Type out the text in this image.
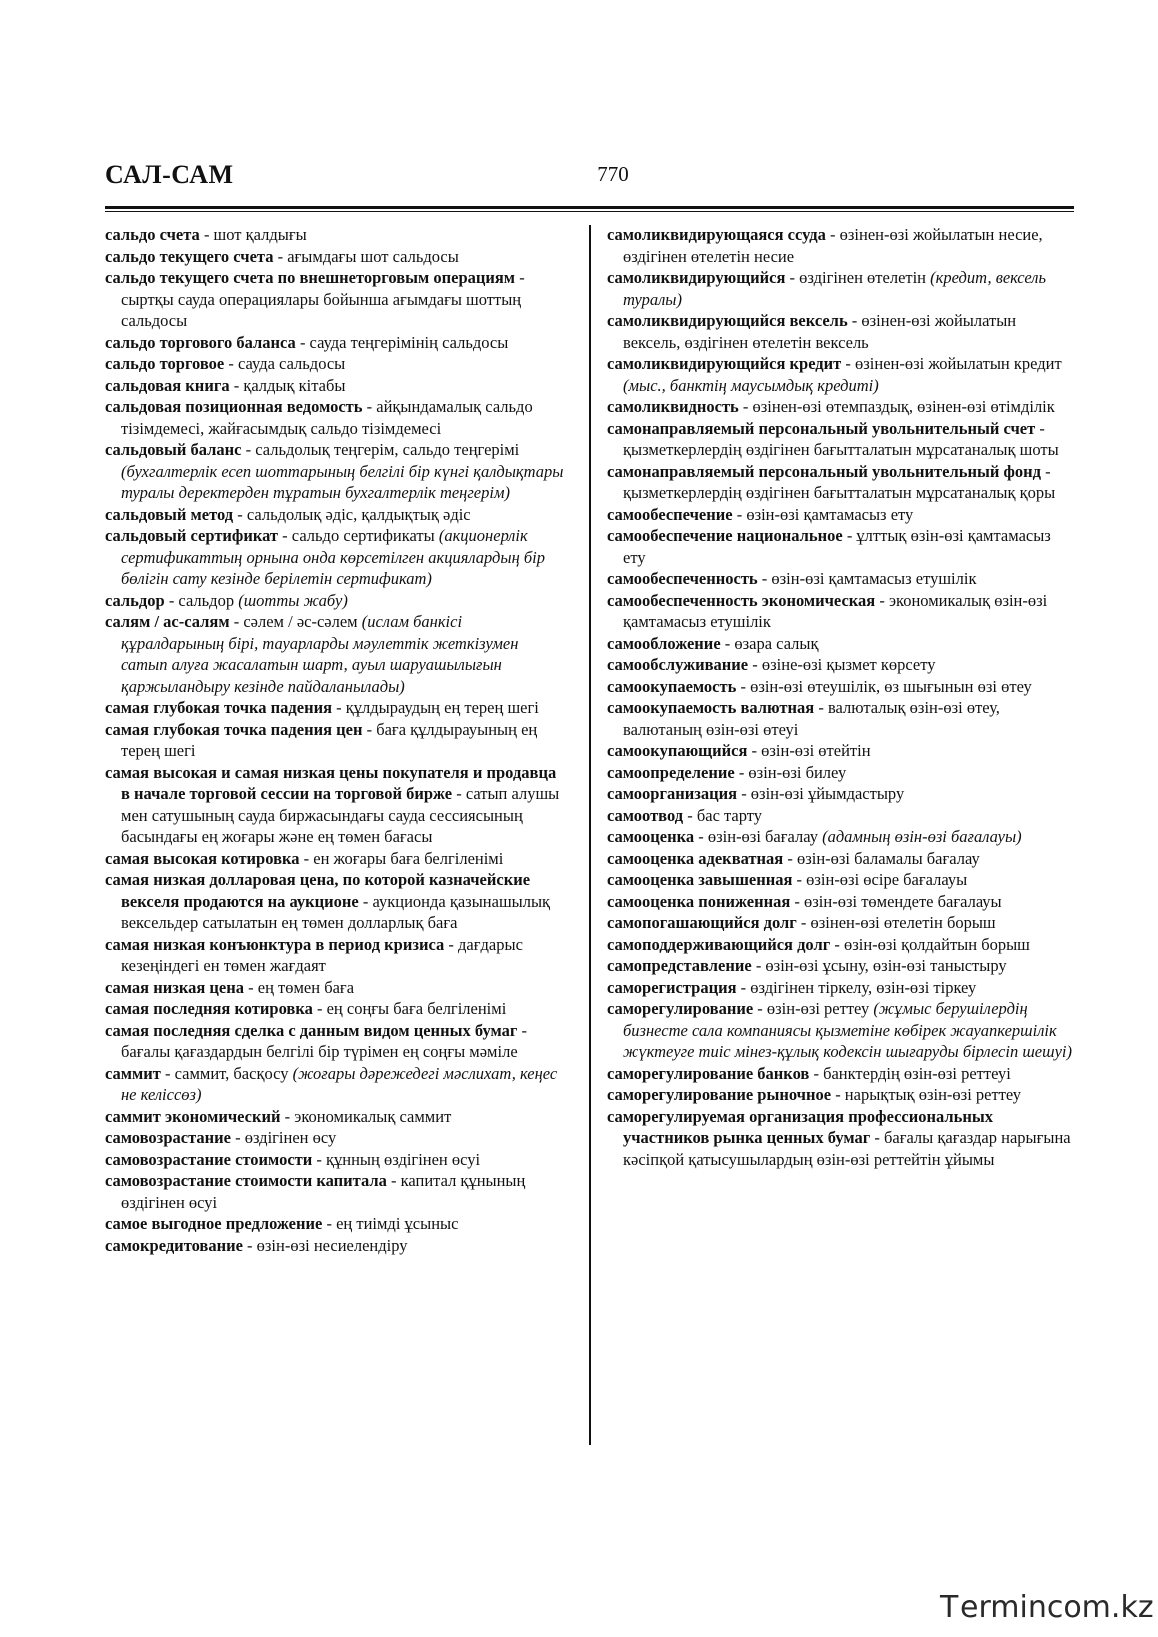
САЛ-САМ	770

сальдо счета - шот қалдығы

сальдо текущего счета - ағымдағы шот сальдосы

сальдо текущего счета по внешнеторговым операциям - сыртқы сауда операциялары бойынша ағымдағы шоттың сальдосы

сальдо торгового баланса - сауда теңгерімінің сальдосы

сальдо торговое - сауда сальдосы

сальдовая книга - қалдық кітабы

сальдовая позиционная ведомость - айқындамалық сальдо тізімдемесі, жайғасымдық сальдо тізімдемесі

сальдовый баланс - сальдолық теңгерім, сальдо теңгерімі (бухгалтерлік есеп шоттарының белгілі бір күнгі қалдықтары туралы деректерден тұратын бухгалтерлік теңгерім)

сальдовый метод - сальдолық әдіс, қалдықтық әдіс

сальдовый сертификат - сальдо сертификаты (акционерлік сертификаттың орнына онда көрсетілген акциялардың бір бөлігін сату кезінде берілетін сертификат)

сальдор - сальдор (шотты жабу)

салям / ас-салям - сәлем / әс-сәлем (ислам банкісі құралдарының бірі, тауарларды мәулеттік жеткізумен сатып алуға жасалатын шарт, ауыл шаруашылығын қаржыландыру кезінде пайдаланылады)

самая глубокая точка падения - құлдыраудың ең терең шегі

самая глубокая точка падения цен - баға құлдырауының ең терең шегі

самая высокая и самая низкая цены покупателя и продавца в начале торговой сессии на торговой бирже - сатып алушы мен сатушының сауда биржасындағы сауда сессиясының басындағы ең жоғары және ең төмен бағасы

самая высокая котировка - ен жоғары баға белгіленімі

самая низкая долларовая цена, по которой казначейские векселя продаются на аукционе - аукционда қазынашылық вексельдер сатылатын ең төмен долларлық баға

самая низкая конъюнктура в период кризиса - дағдарыс кезеңіндегі ен төмен жағдаят

самая низкая цена - ең төмен баға

самая последняя котировка - ең соңғы баға белгіленімі

самая последняя сделка с данным видом ценных бумаг - бағалы қағаздардын белгілі бір түрімен ең соңғы мәміле

саммит - саммит, басқосу (жоғары дәрежедегі мәслихат, кеңес не келіссөз)

саммит экономический - экономикалық саммит

самовозрастание - өздігінен өсу

самовозрастание стоимости - құнның өздігінен өсуі

самовозрастание стоимости капитала - капитал құнының өздігінен өсуі

самое выгодное предложение - ең тиімді ұсыныс

самокредитование - өзін-өзі несиелендіру

самоликвидирующаяся ссуда - өзінен-өзі жойылатын несие, өздігінен өтелетін несие

самоликвидирующийся - өздігінен өтелетін (кредит, вексель туралы)

самоликвидирующийся вексель - өзінен-өзі жойылатын вексель, өздігінен өтелетін вексель

самоликвидирующийся кредит - өзінен-өзі жойылатын кредит (мыс., банктің маусымдық кредиті)

самоликвидность - өзінен-өзі өтемпаздық, өзінен-өзі өтімділік

самонаправляемый персональный увольнительный счет - қызметкерлердің өздігінен бағытталатын мұрсатаналық шоты

самонаправляемый персональный увольнительный фонд - қызметкерлердің өздігінен бағытталатын мұрсатаналық қоры

самообеспечение - өзін-өзі қамтамасыз ету

самообеспечение национальное - ұлттық өзін-өзі қамтамасыз ету

самообеспеченность - өзін-өзі қамтамасыз етушілік

самообеспеченность экономическая - экономикалық өзін-өзі қамтамасыз етушілік

самообложение - өзара салық

самообслуживание - өзіне-өзі қызмет көрсету

самоокупаемость - өзін-өзі өтеушілік, өз шығынын өзі өтеу

самоокупаемость валютная - валюталық өзін-өзі өтеу, валютаның өзін-өзі өтеуі

самоокупающийся - өзін-өзі өтейтін

самоопределение - өзін-өзі билеу

самоорганизация - өзін-өзі ұйымдастыру

самоотвод - бас тарту

самооценка - өзін-өзі бағалау (адамның өзін-өзі бағалауы)

самооценка адекватная - өзін-өзі баламалы бағалау

самооценка завышенная - өзін-өзі өсіре бағалауы

самооценка пониженная - өзін-өзі төмендете бағалауы

самопогашающийся долг - өзінен-өзі өтелетін борыш

самоподдерживающийся долг - өзін-өзі қолдайтын борыш

самопредставление - өзін-өзі ұсыну, өзін-өзі таныстыру

саморегистрация - өздігінен тіркелу, өзін-өзі тіркеу

саморегулирование - өзін-өзі реттеу (жұмыс берушілердің бизнесте сала компаниясы қызметіне көбірек жауапкершілік жүктеуге тиіс мінез-құлық кодексін шығаруды бірлесіп шешуі)

саморегулирование банков - банктердің өзін-өзі реттеуі

саморегулирование рыночное - нарықтық өзін-өзі реттеу

саморегулируемая организация профессиональных участников рынка ценных бумаг - бағалы қағаздар нарығына кәсіпқой қатысушылардың өзін-өзі реттейтін ұйымы

T ermincom.kz
